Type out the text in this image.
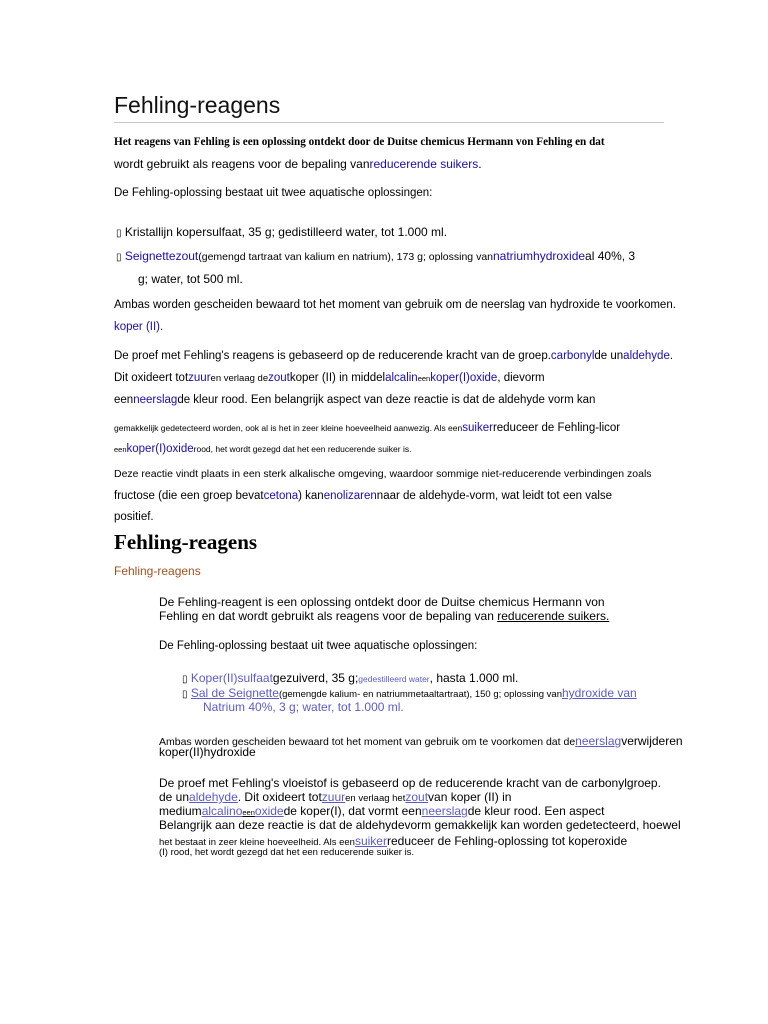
Fehling-reagens
Het reagens van Fehling is een oplossing ontdekt door de Duitse chemicus Hermann von Fehling en dat
wordt gebruikt als reagens voor de bepaling vanreducerende suikers.
De Fehling-oplossing bestaat uit twee aquatische oplossingen:
▯ Kristallijn kopersulfaat, 35 g; gedistilleerd water, tot 1.000 ml.
▯ Seignettezout(gemengd tartraat van kalium en natrium), 173 g; oplossing vannatriumhydroxideal 40%, 3
g; water, tot 500 ml.
Ambas worden gescheiden bewaard tot het moment van gebruik om de neerslag van hydroxide te voorkomen.
koper (II).
De proef met Fehling's reagens is gebaseerd op de reducerende kracht van de groep.carbonylde unaldehyde.
Dit oxideert totzuuren verlaag dezoutkoper (II) in middelalcalineenkoper(I)oxide, dievorm
eenneerslagde kleur rood. Een belangrijk aspect van deze reactie is dat de aldehyde vorm kan
gemakkelijk gedetecteerd worden, ook al is het in zeer kleine hoeveelheid aanwezig. Als eensuikerreduceer de Fehling-licor
eenkoper(I)oxiderood, het wordt gezegd dat het een reducerende suiker is.
Deze reactie vindt plaats in een sterk alkalische omgeving, waardoor sommige niet-reducerende verbindingen zoals
fructose (die een groep bevatcetona) kanenolizarennaar de aldehyde-vorm, wat leidt tot een valse
positief.
Fehling-reagens
Fehling-reagens
De Fehling-reagent is een oplossing ontdekt door de Duitse chemicus Hermann von
Fehling en dat wordt gebruikt als reagens voor de bepaling van reducerende suikers.
De Fehling-oplossing bestaat uit twee aquatische oplossingen:
▯ Koper(II)sulfaatgezuiverd, 35 g;gedestilleerd water, hasta 1.000 ml.
▯ Sal de Seignette(gemengde kalium- en natriummetaaltartraat), 150 g; oplossing vanhydroxide van
Natrium 40%, 3 g; water, tot 1.000 ml.
Ambas worden gescheiden bewaard tot het moment van gebruik om te voorkomen dat deneerslagverwijderen
koper(II)hydroxide
De proef met Fehling's vloeistof is gebaseerd op de reducerende kracht van de carbonylgroep.
de unaldehyde. Dit oxideert totzuuren verlaag hetzoutvan koper (II) in
mediumalcalinoeenoxidede koper(I), dat vormt eenneerslagde kleur rood. Een aspect
Belangrijk aan deze reactie is dat de aldehydevorm gemakkelijk kan worden gedetecteerd, hoewel
het bestaat in zeer kleine hoeveelheid. Als eensuikerreduceer de Fehling-oplossing tot koperoxide
(I) rood, het wordt gezegd dat het een reducerende suiker is.
